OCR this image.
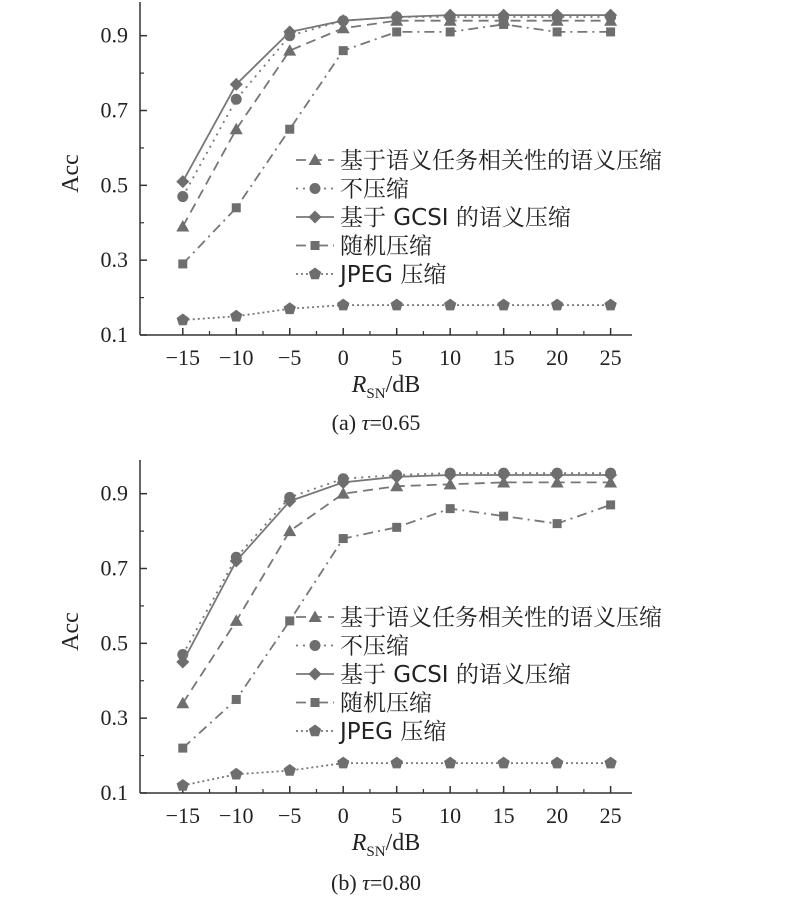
0.1
0.3
0.5
0.7
0.9
−15 −10 −5 0 5 10 15 20 25
Acc
$R_{SN}/dB$
(a) τ=0.65
基于语义任务相关性的语义压缩
不压缩
基于 GCSI 的语义压缩
随机压缩
JPEG 压缩
0.1
0.3
0.5
0.7
0.9
−15 −10 −5 0 5 10 15 20 25
Acc
$R_{SN}/dB$
(b) τ=0.80
基于语义任务相关性的语义压缩
不压缩
基于 GCSI 的语义压缩
随机压缩
JPEG 压缩
